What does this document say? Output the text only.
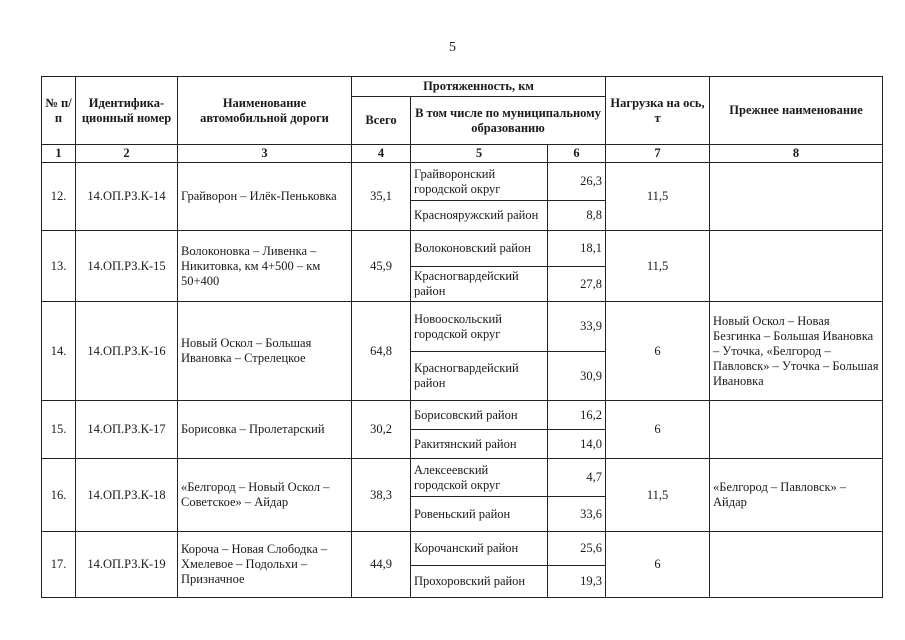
5
№ п/п	Идентифика-ционный номер	Наименование автомобильной дороги	Протяженность, км			Нагрузка на ось, т	Прежнее наименование
			Всего	В том числе по муниципальному образованию			
1	2	3	4	5	6	7	8
12.	14.ОП.РЗ.К-14	Грайворон – Илёк-Пеньковка	35,1	Грайворонский городской округ	26,3	11,5	
				Краснояружский район	8,8		
13.	14.ОП.РЗ.К-15	Волоконовка – Ливенка – Никитовка, км 4+500 – км 50+400	45,9	Волоконовский район	18,1	11,5	
				Красногвардейский район	27,8		
14.	14.ОП.РЗ.К-16	Новый Оскол – Большая Ивановка – Стрелецкое	64,8	Новооскольский городской округ	33,9	6	Новый Оскол – Новая Безгинка – Большая Ивановка – Уточка, «Белгород – Павловск» – Уточка – Большая Ивановка
				Красногвардейский район	30,9		
15.	14.ОП.РЗ.К-17	Борисовка – Пролетарский	30,2	Борисовский район	16,2	6	
				Ракитянский район	14,0		
16.	14.ОП.РЗ.К-18	«Белгород – Новый Оскол – Советское» – Айдар	38,3	Алексеевский городской округ	4,7	11,5	«Белгород – Павловск» – Айдар
				Ровеньский район	33,6		
17.	14.ОП.РЗ.К-19	Короча – Новая Слободка – Хмелевое – Подольхи – Призначное	44,9	Корочанский район	25,6	6	
				Прохоровский район	19,3		
